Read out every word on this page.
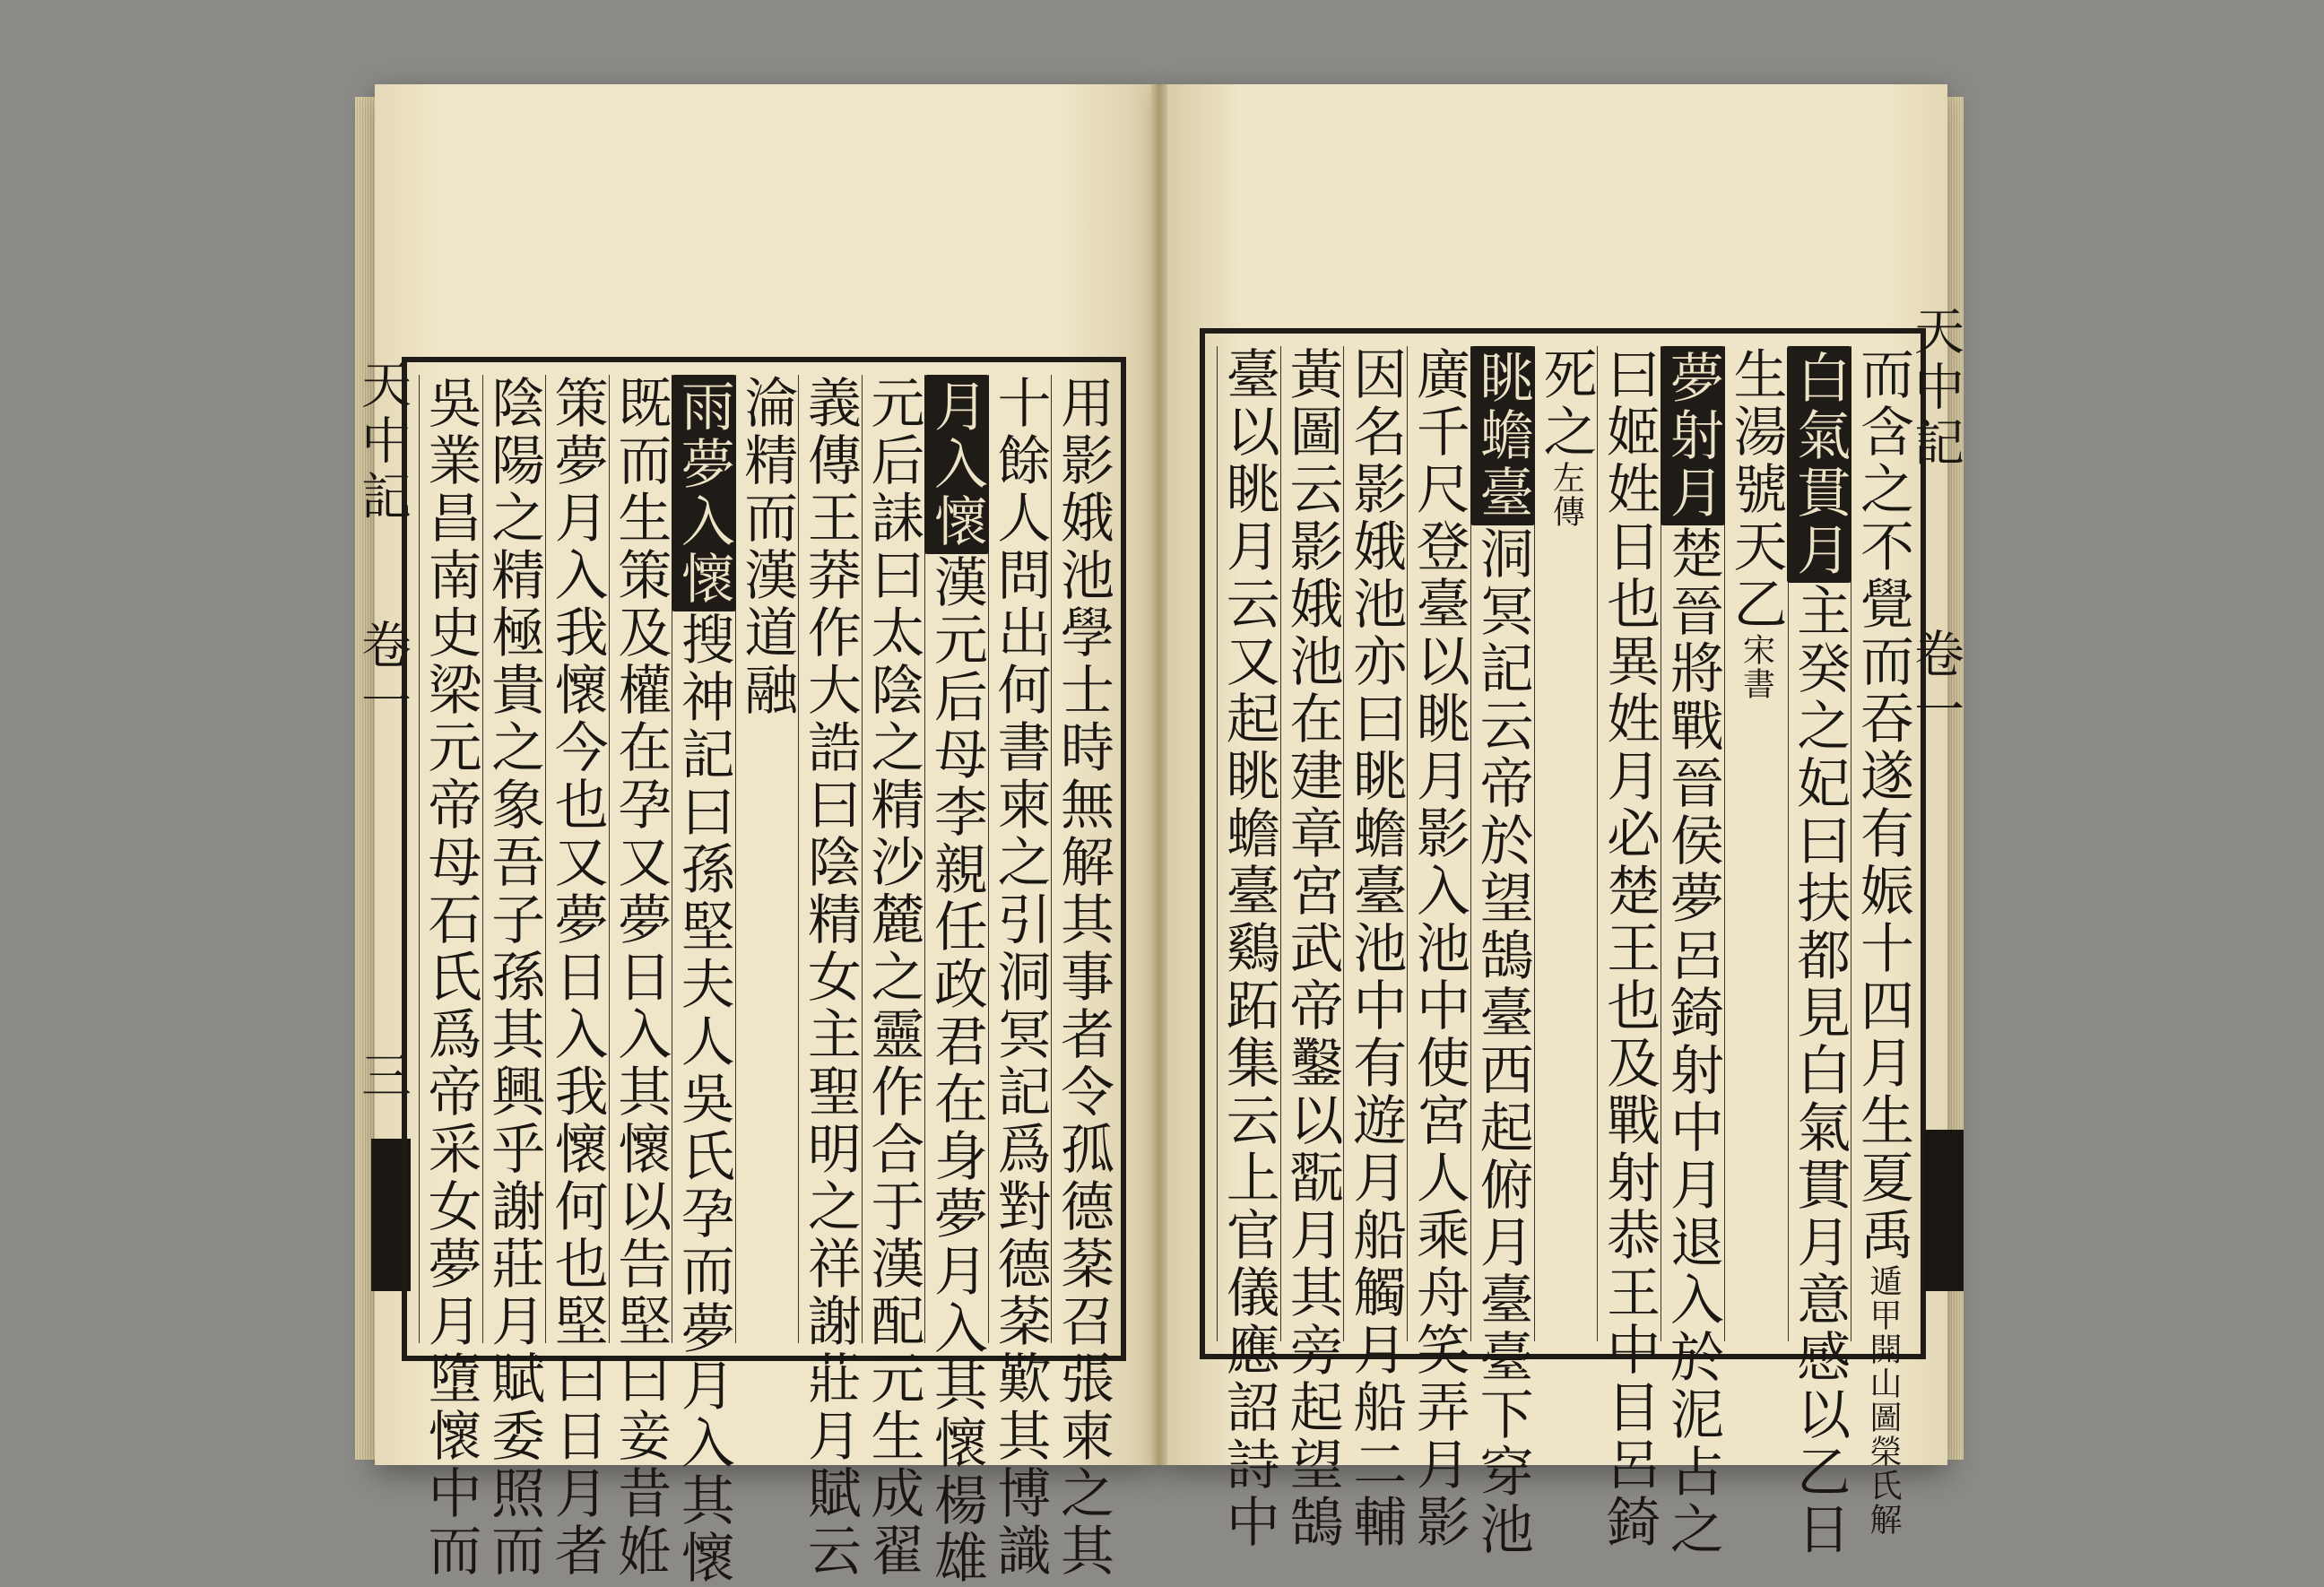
天中記
卷一
三	用影娥池學士時無解其事者令孤德棻召張柬之其
十餘人問出何書柬之引洞冥記爲對德棻歎其博識
月入懷漢元后母李親任政君在身夢月入其懷楊雄
元后誄曰太陰之精沙麓之靈作合于漢配元生成翟
義傳王莽作大誥曰陰精女主聖明之祥謝莊月賦云
淪精而漢道融
雨夢入懷搜神記曰孫堅夫人吳氏孕而夢月入其懷
既而生策及權在孕又夢日入其懷以告堅曰妾昔姙
策夢月入我懷今也又夢日入我懷何也堅曰日月者
陰陽之精極貴之象吾子孫其興乎謝莊月賦委照而
吳業昌南史梁元帝母石氏爲帝采女夢月墮懷中而	而含之不覺而吞遂有娠十四月生夏禹遁甲開山圖榮氏解
白氣貫月主癸之妃曰扶都見白氣貫月意感以乙日
生湯號天乙宋書
夢射月楚晉將戰晉侯夢呂錡射中月退入於泥占之
曰姬姓日也異姓月必楚王也及戰射恭王中目呂錡
死之左傳
眺蟾臺洞冥記云帝於望鵠臺西起俯月臺臺下穿池
廣千尺登臺以眺月影入池中使宮人乘舟笑弄月影
因名影娥池亦曰眺蟾臺池中有遊月船觸月船二輔
黃圖云影娥池在建章宮武帝鑿以翫月其旁起望鵠
臺以眺月云又起眺蟾臺鷄跖集云上官儀應詔詩中	天中記
卷一
